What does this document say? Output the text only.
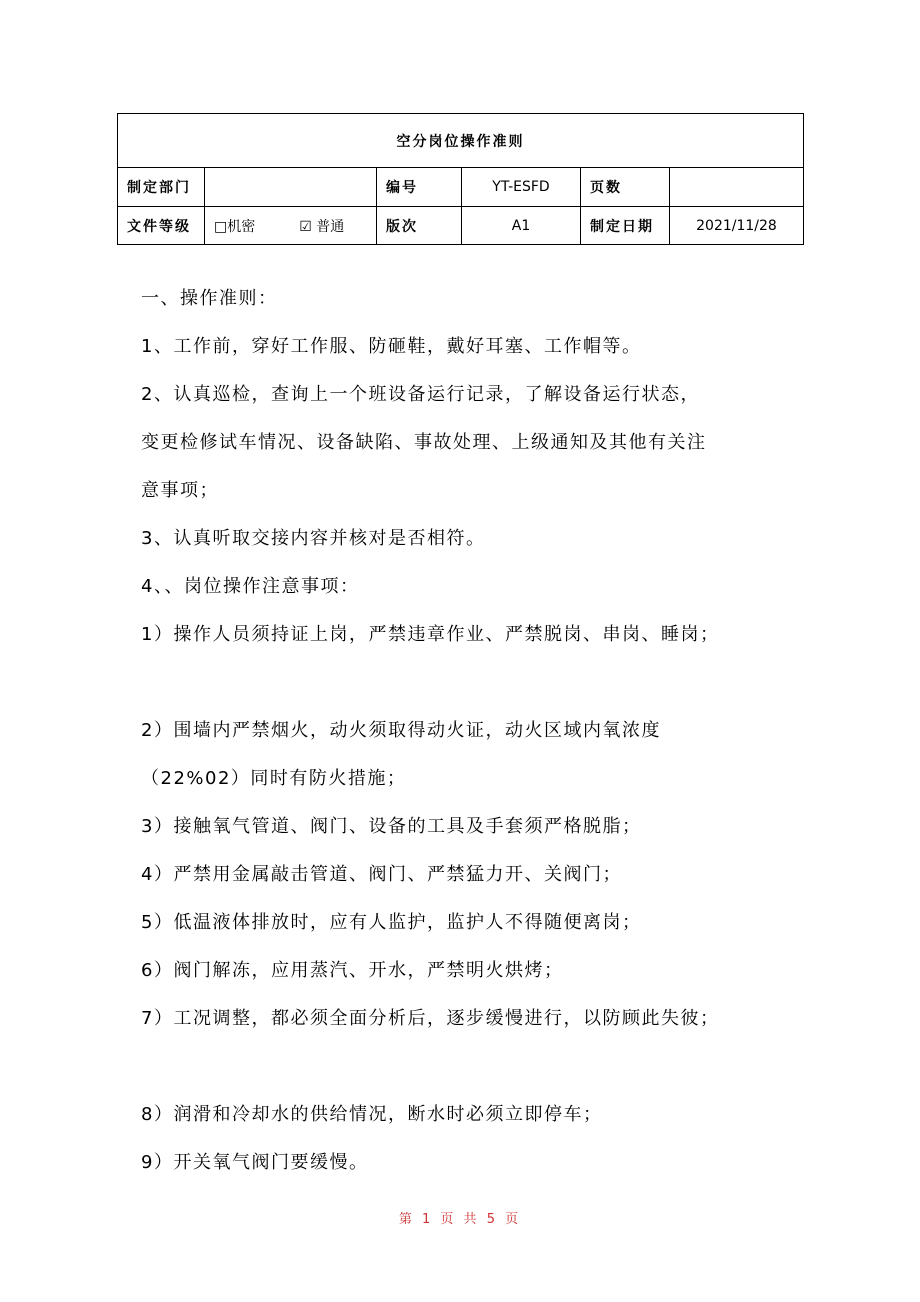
空分岗位操作准则					
制定部门		编号	YT-ESFD	页数	
文件等级	□机密 ☑ 普通	版次	A1	制定日期	2021/11/28
一、操作准则：
1、工作前，穿好工作服、防砸鞋，戴好耳塞、工作帽等。
2、认真巡检，查询上一个班设备运行记录，了解设备运行状态，
变更检修试车情况、设备缺陷、事故处理、上级通知及其他有关注
意事项；
3、认真听取交接内容并核对是否相符。
4、、岗位操作注意事项：
1）操作人员须持证上岗，严禁违章作业、严禁脱岗、串岗、睡岗；
2）围墙内严禁烟火，动火须取得动火证，动火区域内氧浓度
（22%02）同时有防火措施；
3）接触氧气管道、阀门、设备的工具及手套须严格脱脂；
4）严禁用金属敲击管道、阀门、严禁猛力开、关阀门；
5）低温液体排放时，应有人监护，监护人不得随便离岗；
6）阀门解冻，应用蒸汽、开水，严禁明火烘烤；
7）工况调整，都必须全面分析后，逐步缓慢进行，以防顾此失彼；
8）润滑和冷却水的供给情况，断水时必须立即停车；
9）开关氧气阀门要缓慢。
第 1 页 共 5 页
